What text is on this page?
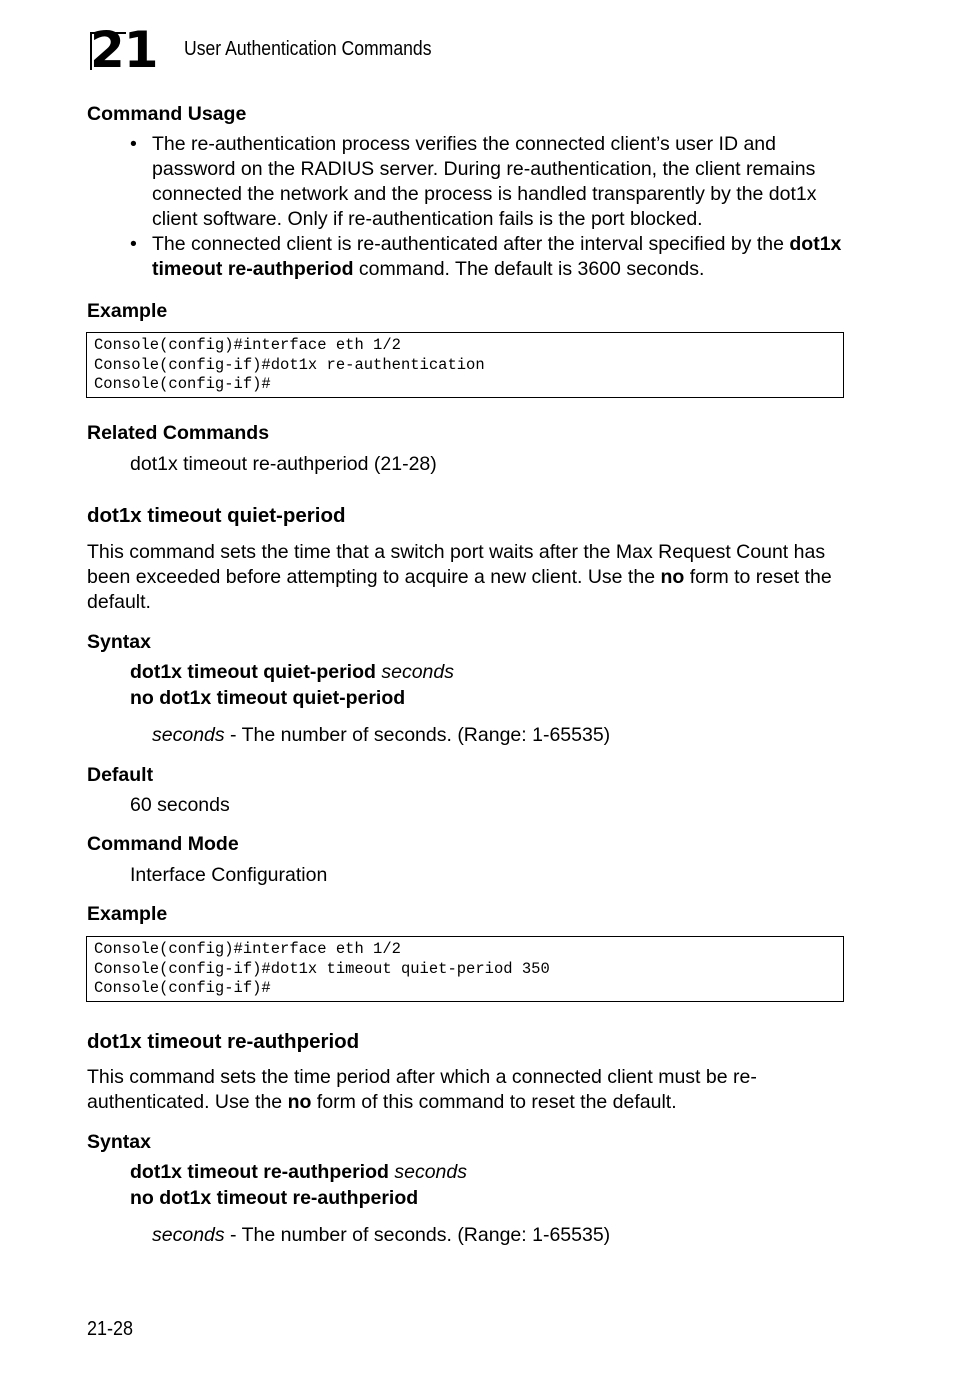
21 User Authentication Commands
Command Usage
• The re-authentication process verifies the connected client’s user ID and password on the RADIUS server. During re-authentication, the client remains connected the network and the process is handled transparently by the dot1x client software. Only if re-authentication fails is the port blocked.
• The connected client is re-authenticated after the interval specified by the dot1x timeout re-authperiod command. The default is 3600 seconds.
Example
Console(config)#interface eth 1/2
Console(config-if)#dot1x re-authentication
Console(config-if)#
Related Commands
dot1x timeout re-authperiod (21-28)
dot1x timeout quiet-period

This command sets the time that a switch port waits after the Max Request Count has been exceeded before attempting to acquire a new client. Use the no form to reset the default.

Syntax
dot1x timeout quiet-period seconds
no dot1x timeout quiet-period
seconds - The number of seconds. (Range: 1-65535)
Default
60 seconds
Command Mode
Interface Configuration
Example
Console(config)#interface eth 1/2
Console(config-if)#dot1x timeout quiet-period 350
Console(config-if)#
dot1x timeout re-authperiod

This command sets the time period after which a connected client must be re-authenticated. Use the no form of this command to reset the default.

Syntax
dot1x timeout re-authperiod seconds
no dot1x timeout re-authperiod
seconds - The number of seconds. (Range: 1-65535)
21-28
